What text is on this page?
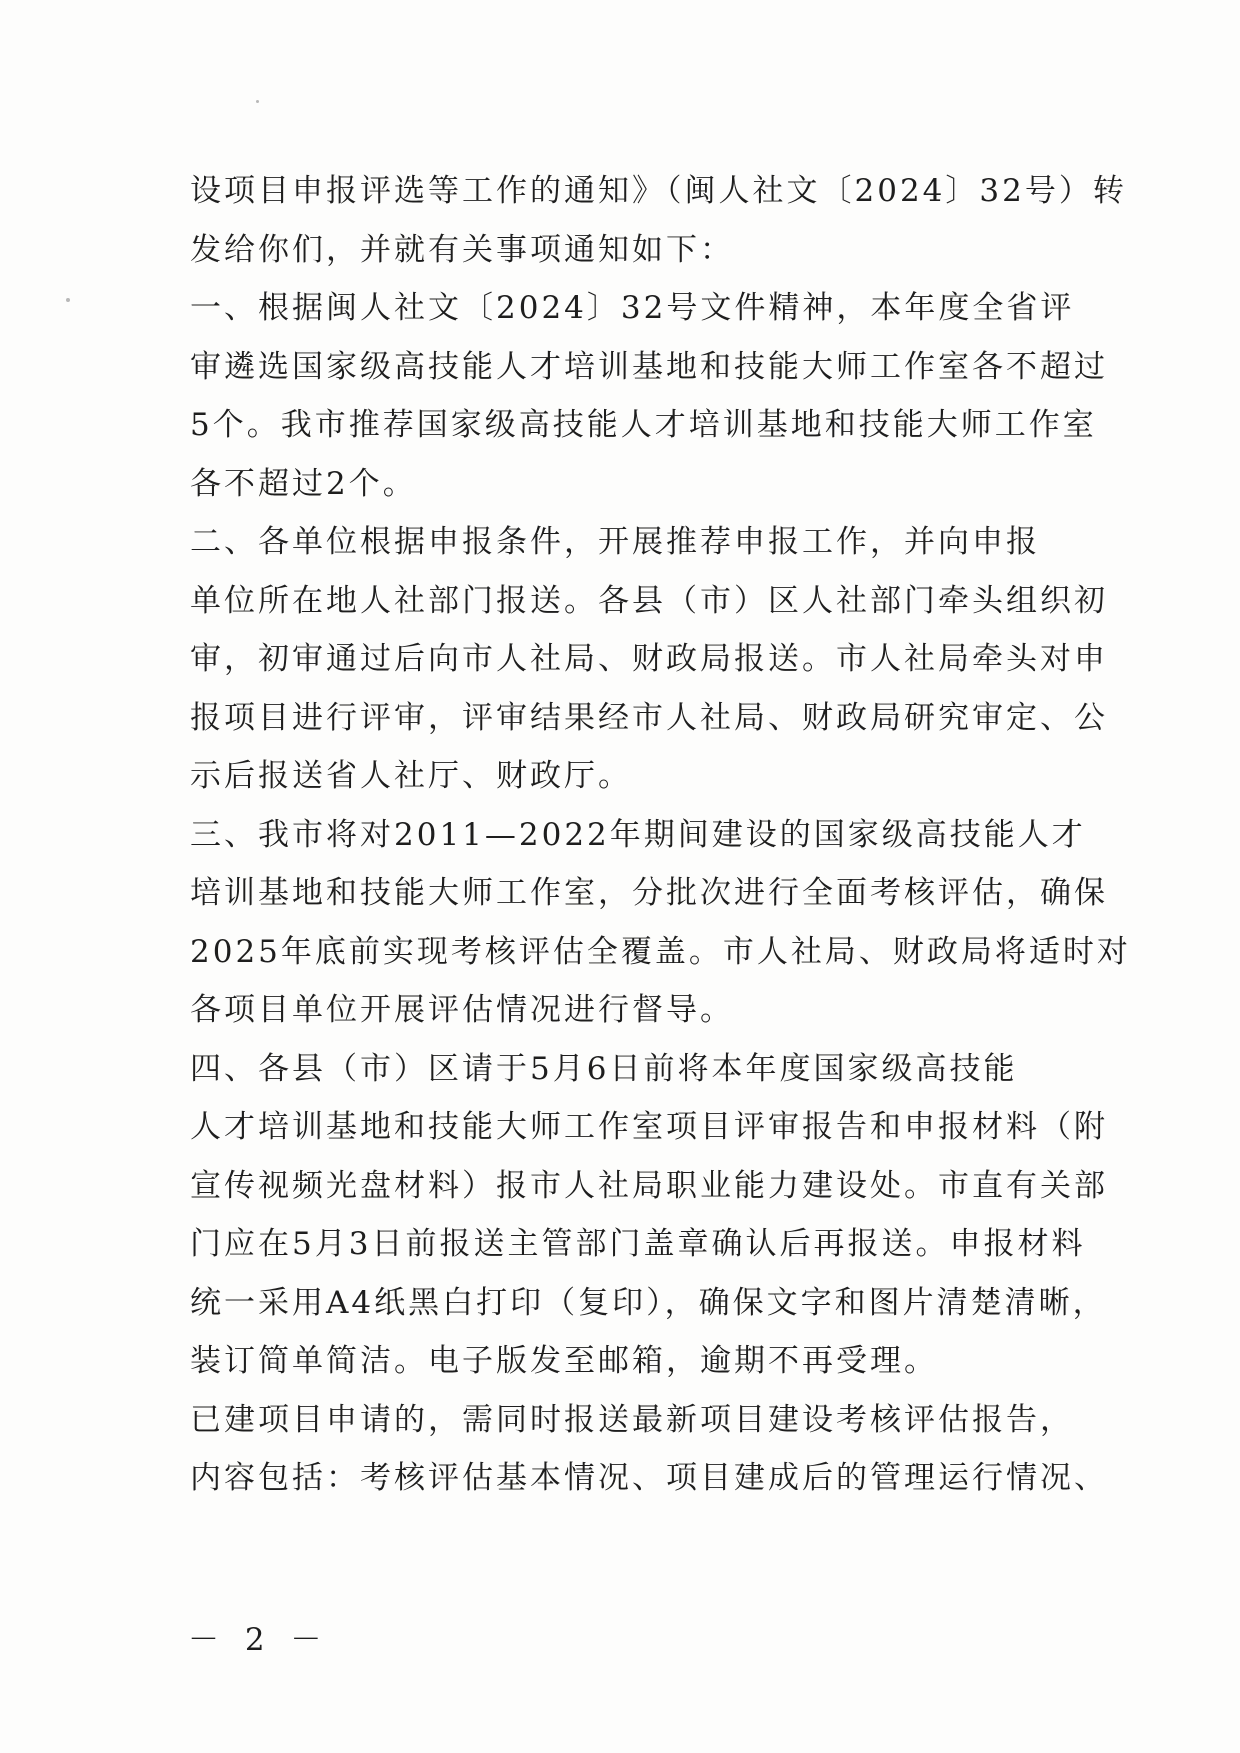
设项目申报评选等工作的通知》（闽人社文〔2024〕32号）转
发给你们，并就有关事项通知如下：
一、根据闽人社文〔2024〕32号文件精神，本年度全省评
审遴选国家级高技能人才培训基地和技能大师工作室各不超过
5个。我市推荐国家级高技能人才培训基地和技能大师工作室
各不超过2个。
二、各单位根据申报条件，开展推荐申报工作，并向申报
单位所在地人社部门报送。各县（市）区人社部门牵头组织初
审，初审通过后向市人社局、财政局报送。市人社局牵头对申
报项目进行评审，评审结果经市人社局、财政局研究审定、公
示后报送省人社厅、财政厅。
三、我市将对2011—2022年期间建设的国家级高技能人才
培训基地和技能大师工作室，分批次进行全面考核评估，确保
2025年底前实现考核评估全覆盖。市人社局、财政局将适时对
各项目单位开展评估情况进行督导。
四、各县（市）区请于5月6日前将本年度国家级高技能
人才培训基地和技能大师工作室项目评审报告和申报材料（附
宣传视频光盘材料）报市人社局职业能力建设处。市直有关部
门应在5月3日前报送主管部门盖章确认后再报送。申报材料
统一采用A4纸黑白打印（复印），确保文字和图片清楚清晰，
装订简单简洁。电子版发至邮箱，逾期不再受理。
已建项目申请的，需同时报送最新项目建设考核评估报告，
内容包括：考核评估基本情况、项目建成后的管理运行情况、
－ 2 －
